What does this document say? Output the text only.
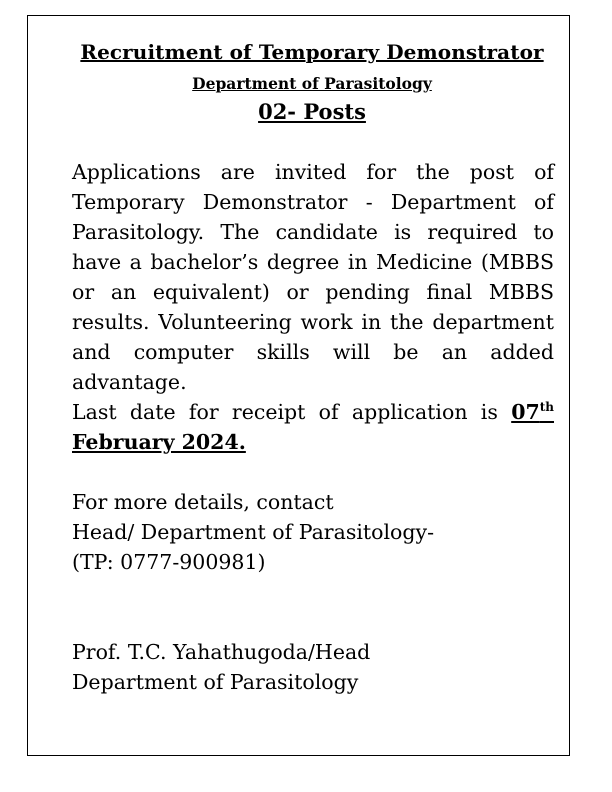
Recruitment of Temporary Demonstrator
Department of Parasitology
02- Posts

Applications are invited for the post of Temporary Demonstrator - Department of Parasitology. The candidate is required to have a bachelor’s degree in Medicine (MBBS or an equivalent) or pending final MBBS results. Volunteering work in the department and computer skills will be an added advantage.

Last date for receipt of application is 07th February 2024.

For more details, contact
Head/ Department of Parasitology-
(TP: 0777-900981)
Prof. T.C. Yahathugoda/Head
Department of Parasitology
